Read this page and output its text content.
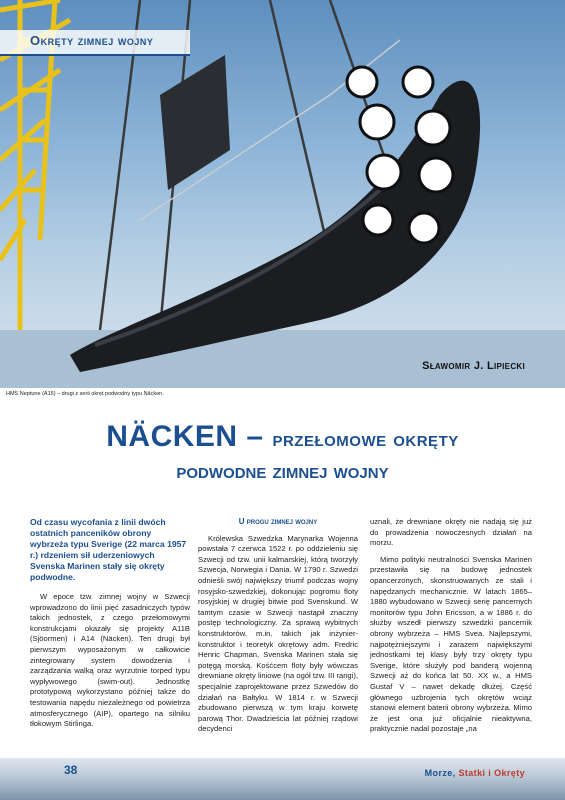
Okręty zimnej wojny
Sławomir J. Lipiecki
HMS Neptune (A15) – drugi z serii okręt podwodny typu Näcken.
NÄCKEN – przełomowe okręty
podwodne zimnej wojny
Od czasu wycofania z linii dwóch ostatnich panceników obrony wybrzeża typu Sverige (22 marca 1957 r.) rdzeniem sił uderzeniowych Svenska Marinen stały się okręty podwodne.

W epoce tzw. zimnej wojny w Szwecji wprowadzono do linii pięć zasadniczych typów takich jednostek, z czego przełomowymi konstrukcjami okazały się projekty A11B (Sjöormen) i A14 (Näcken). Ten drugi był pierwszym wyposażonym w całkowicie zintegrowany system dowodzenia i zarządzania walką oraz wyrzutnie torped typu wypływowego (swim-out). Jednostkę prototypową wykorzystano później także do testowania napędu niezależnego od powietrza atmosferycznego (AIP), opartego na silniku tłokowym Stirlinga.

U progu zimnej wojny

Królewska Szwedzka Marynarka Wojenna powstała 7 czerwca 1522 r. po oddzieleniu się Szwecji od tzw. unii kalmarskiej, którą tworzyły Szwecja, Norwegia i Dania. W 1790 r. Szwedzi odnieśli swój największy triumf podczas wojny rosyjsko-szwedzkiej, dokonując pogromu floty rosyjskiej w drugiej bitwie pod Svenskund. W tamtym czasie w Szwecji nastąpił znaczny postęp technologiczny. Za sprawą wybitnych konstruktorów, m.in. takich jak inżynier-konstruktor i teoretyk okrętowy adm. Fredric Henric Chapman, Svenska Marinen stała się potęgą morską. Kośćcem floty były wówczas drewniane okręty liniowe (na ogół tzw. III rangi), specjalnie zaprojektowane przez Szwedów do działań na Bałtyku. W 1814 r. w Szwecji zbudowano pierwszą w tym kraju korwetę parową Thor. Dwadzieścia lat później rządowi decydenci

uznali, że drewniane okręty nie nadają się już do prowadzenia nowoczesnych działań na morzu.

Mimo polityki neutralności Svenska Marinen przestawiła się na budowę jednostek opancerzonych, skonstruowanych ze stali i napędzanych mechanicznie. W latach 1865–1880 wybudowano w Szwecji serię pancernych monitorów typu John Ericsson, a w 1886 r. do służby wszedł pierwszy szwedzki pancernik obrony wybrzeża – HMS Svea. Najlepszymi, najpotężniejszymi i zarazem największymi jednostkami tej klasy były trzy okręty typu Sverige, które służyły pod banderą wojenną Szwecji aż do końca lat 50. XX w., a HMS Gustaf V – nawet dekadę dłużej. Część głównego uzbrojenia tych okrętów wciąż stanowi element baterii obrony wybrzeża. Mimo że jest ona już oficjalnie nieaktywna, praktycznie nadal pozostaje „na

38	Morze, Statki i Okręty
